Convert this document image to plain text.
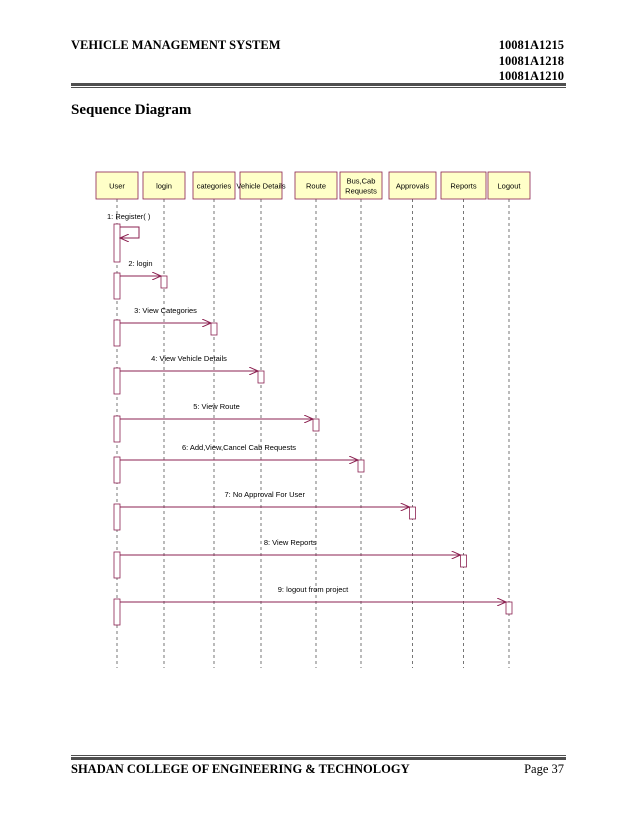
VEHICLE MANAGEMENT SYSTEM	10081A1215
10081A1218
10081A1210
Sequence Diagram
User	login	categories Vehicle Details	Route
Bus,Cab
Requests
Approvals	Reports	Logout
1: Register( )
2: login
3: View Categories
4: View Vehicle Details
5: View Route
6: Add,View,Cancel Cab Requests
7: No Approval For User
8: View Reports
9: logout from project
SHADAN COLLEGE OF ENGINEERING & TECHNOLOGY	Page 37
